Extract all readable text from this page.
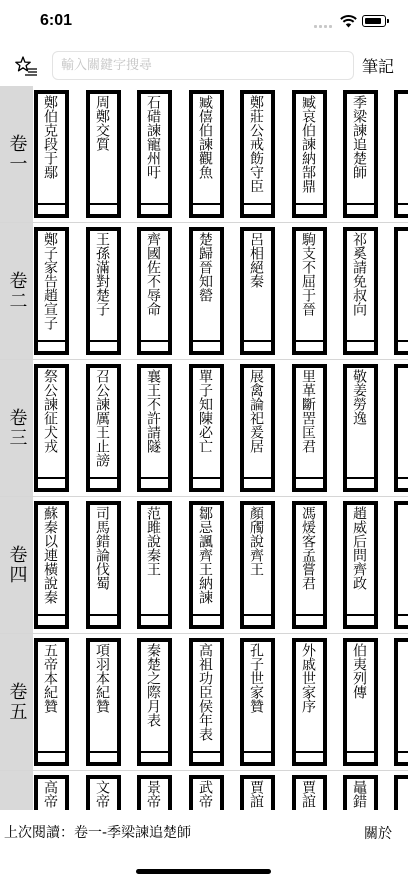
6:01
輸入關鍵字搜尋
筆記
卷一 鄭伯克段于鄢	周鄭交質	石碏諫寵州吁	臧僖伯諫觀魚	鄭莊公戒飭守臣	臧哀伯諫納郜鼎	季梁諫追楚師
卷二 鄭子家告趙宣子	王孫滿對楚子	齊國佐不辱命	楚歸晉知罃	呂相絕秦	駒支不屈于晉	祁奚請免叔向
卷三 祭公諫征犬戎	召公諫厲王止謗	襄王不許請隧	單子知陳必亡	展禽論祀爰居	里革斷罟匡君	敬姜勞逸
卷四 蘇秦以連橫說秦	司馬錯論伐蜀	范雎說秦王	鄒忌諷齊王納諫	顏斶說齊王	馮煖客孟嘗君	趙威后問齊政
卷五 五帝本紀贊	項羽本紀贊	秦楚之際月表	高祖功臣侯年表	孔子世家贊	外戚世家序	伯夷列傳
高帝	文帝	景帝	武帝	賈誼	賈誼	鼂錯
上次閱讀：卷一-季梁諫追楚師	關於
